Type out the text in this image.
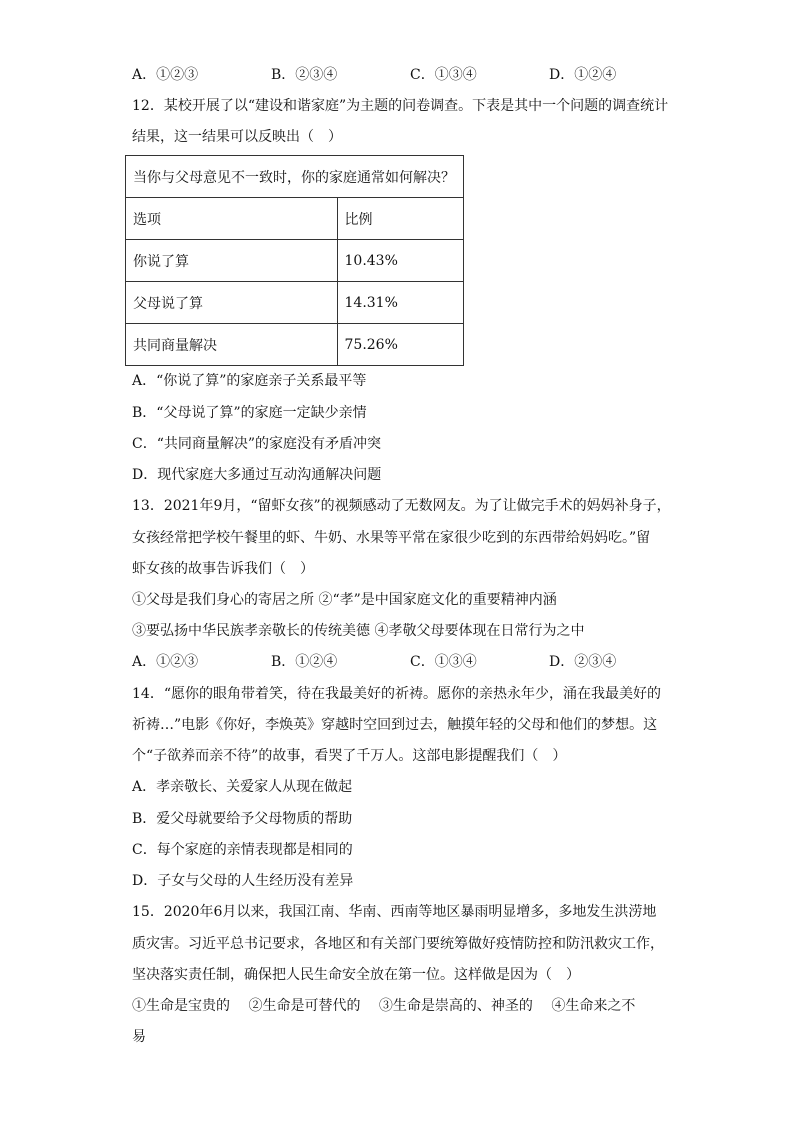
A．①②③	B．②③④	C．①③④	D．①②④
12．某校开展了以“建设和谐家庭”为主题的问卷调查。下表是其中一个问题的调查统计
结果，这一结果可以反映出（　）
当你与父母意见不一致时，你的家庭通常如何解决？	
选项	比例
你说了算	10.43%
父母说了算	14.31%
共同商量解决	75.26%
A．“你说了算”的家庭亲子关系最平等
B．“父母说了算”的家庭一定缺少亲情
C．“共同商量解决”的家庭没有矛盾冲突
D．现代家庭大多通过互动沟通解决问题
13．2021年9月，“留虾女孩”的视频感动了无数网友。为了让做完手术的妈妈补身子，
女孩经常把学校午餐里的虾、牛奶、水果等平常在家很少吃到的东西带给妈妈吃。”留
虾女孩的故事告诉我们（　）
①父母是我们身心的寄居之所 ②“孝”是中国家庭文化的重要精神内涵
③要弘扬中华民族孝亲敬长的传统美德 ④孝敬父母要体现在日常行为之中
A．①②③	B．①②④	C．①③④	D．②③④
14．“愿你的眼角带着笑，待在我最美好的祈祷。愿你的亲热永年少，涌在我最美好的
祈祷…”电影《你好，李焕英》穿越时空回到过去，触摸年轻的父母和他们的梦想。这
个“子欲养而亲不待”的故事，看哭了千万人。这部电影提醒我们（　）
A．孝亲敬长、关爱家人从现在做起
B．爱父母就要给予父母物质的帮助
C．每个家庭的亲情表现都是相同的
D．子女与父母的人生经历没有差异
15．2020年6月以来，我国江南、华南、西南等地区暴雨明显增多，多地发生洪涝地
质灾害。习近平总书记要求，各地区和有关部门要统筹做好疫情防控和防汛救灾工作，
坚决落实责任制，确保把人民生命安全放在第一位。这样做是因为（　）
①生命是宝贵的　 ②生命是可替代的　 ③生命是崇高的、神圣的　 ④生命来之不
易
